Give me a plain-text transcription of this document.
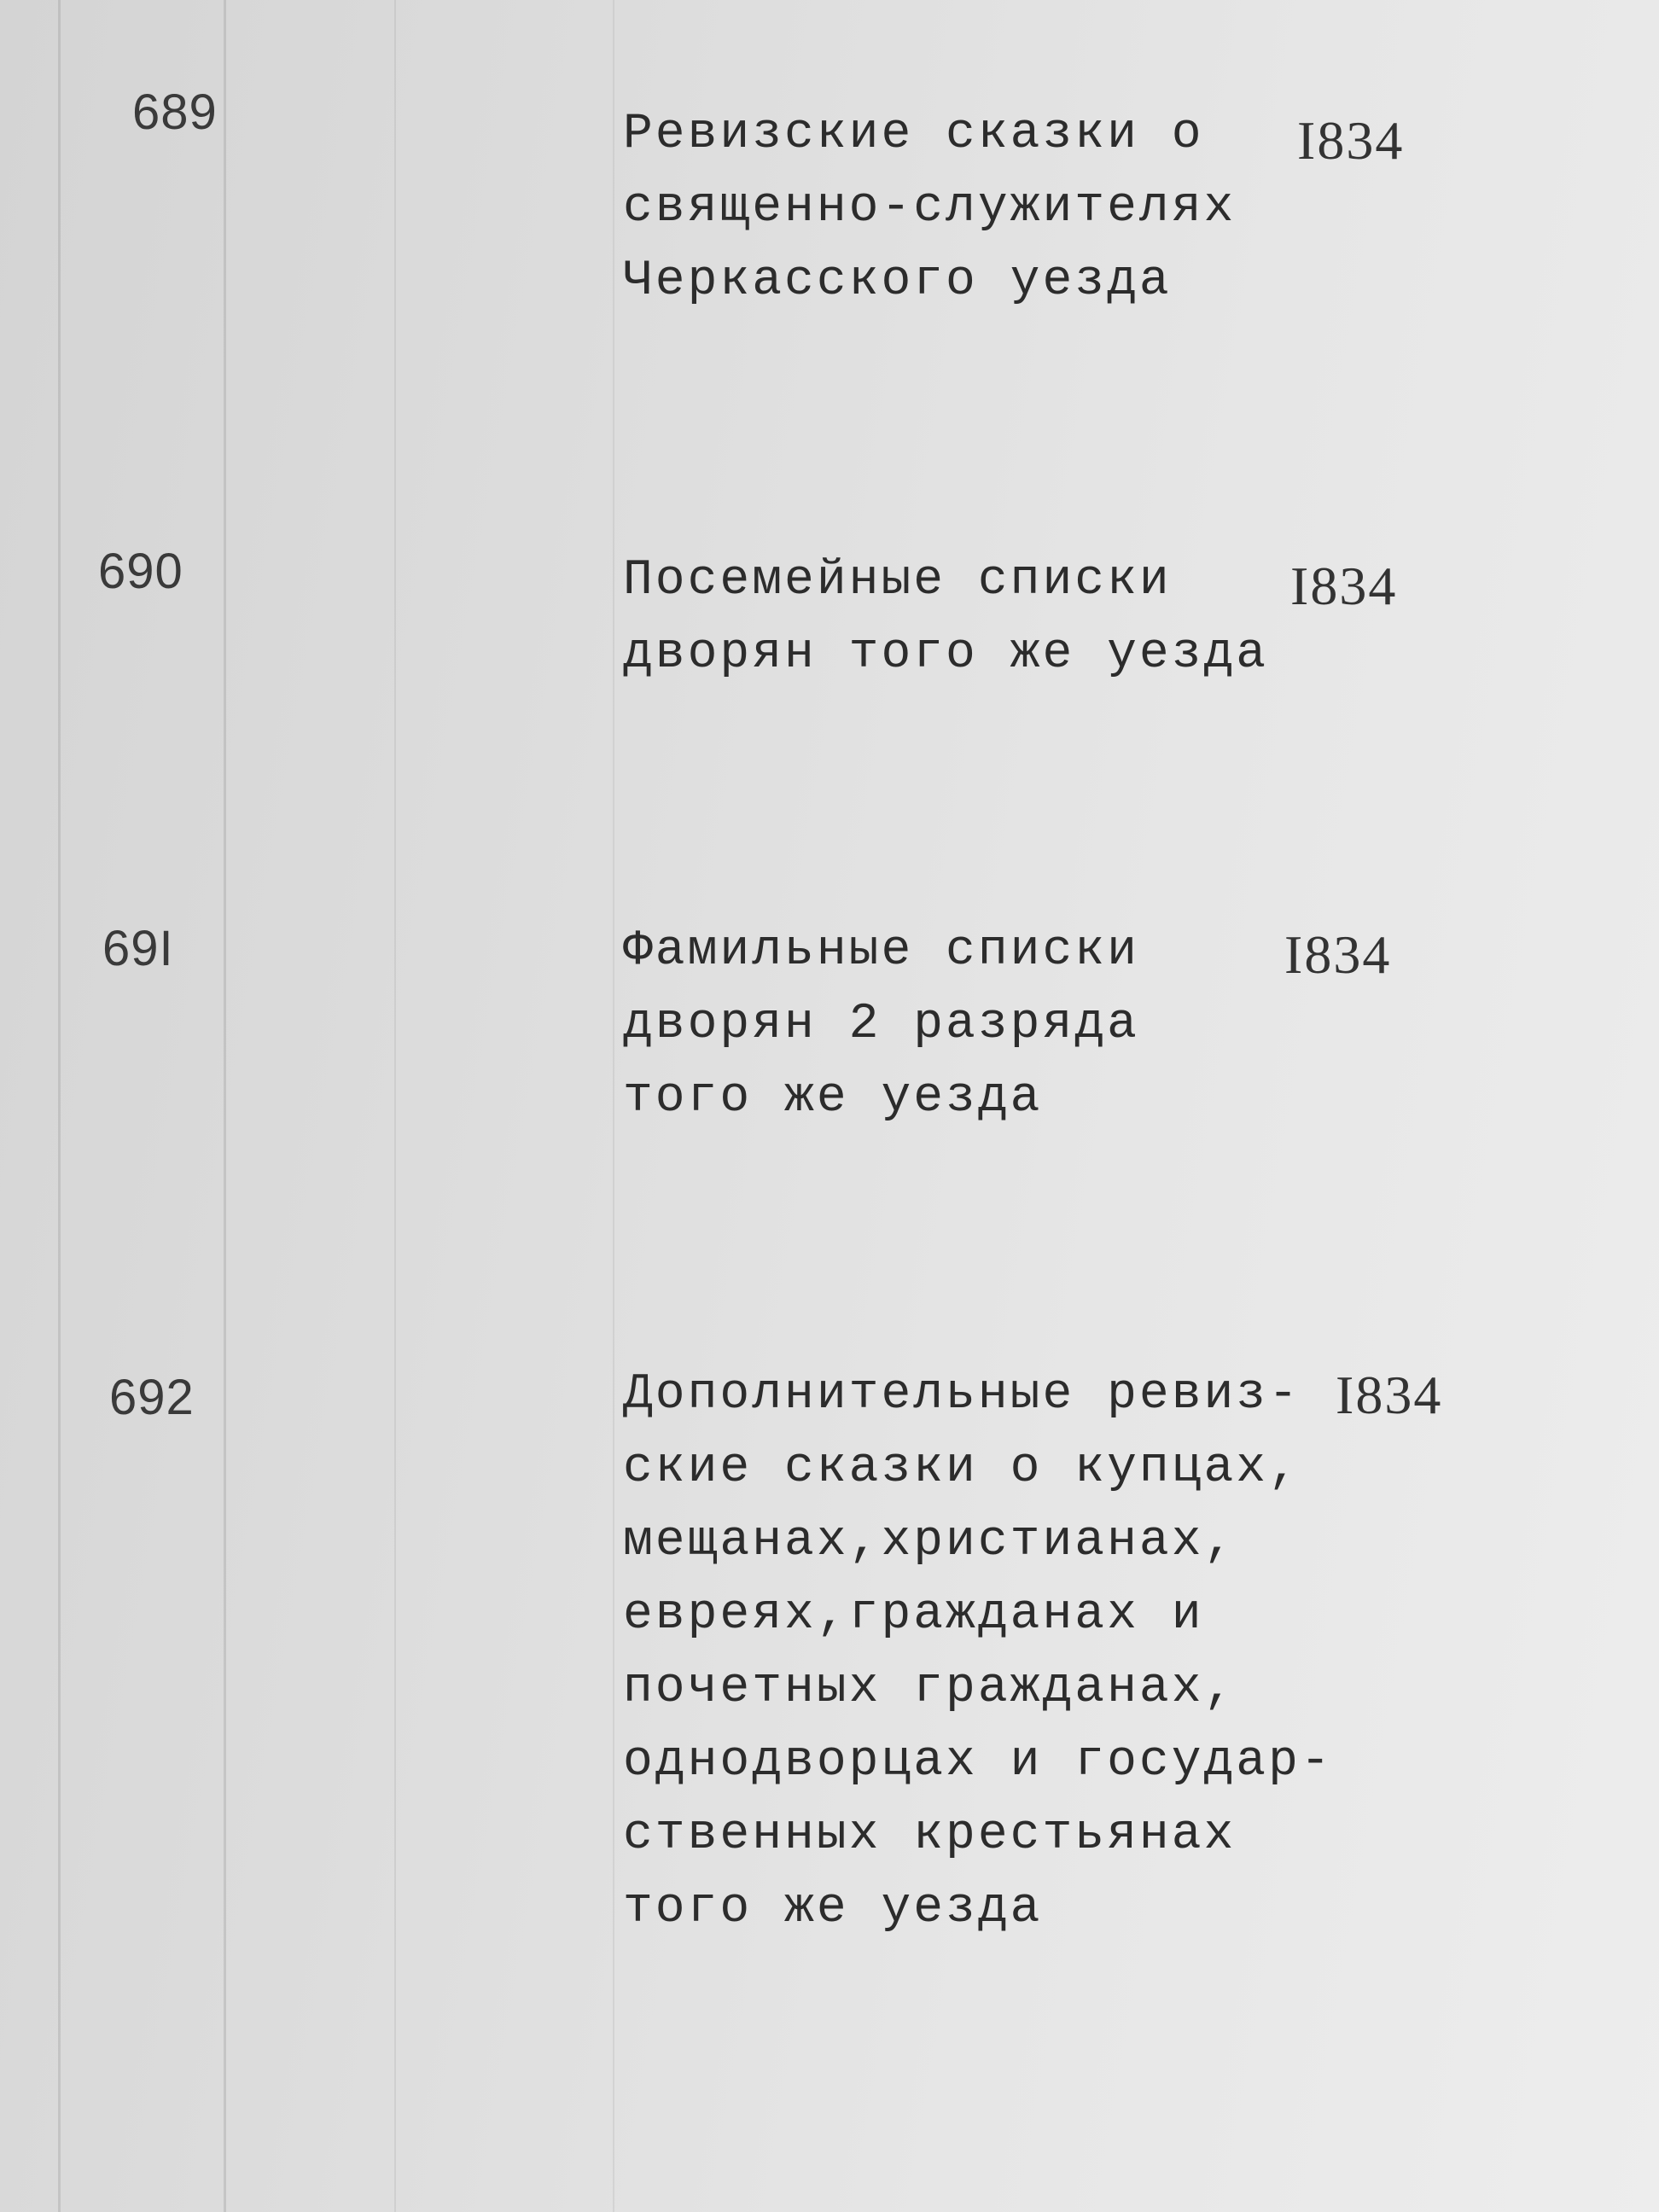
689	Ревизские сказки о
священно-служителях
Черкасского уезда
I834
690	Посемейные списки
дворян того же уезда
I834
69I	Фамильные списки
дворян 2 разряда
того же уезда
I834
692	Дополнительные ревиз-
ские сказки о купцах,
мещанах,христианах,
евреях,гражданах и
почетных гражданах,
однодворцах и государ-
ственных крестьянах
того же уезда
I834
